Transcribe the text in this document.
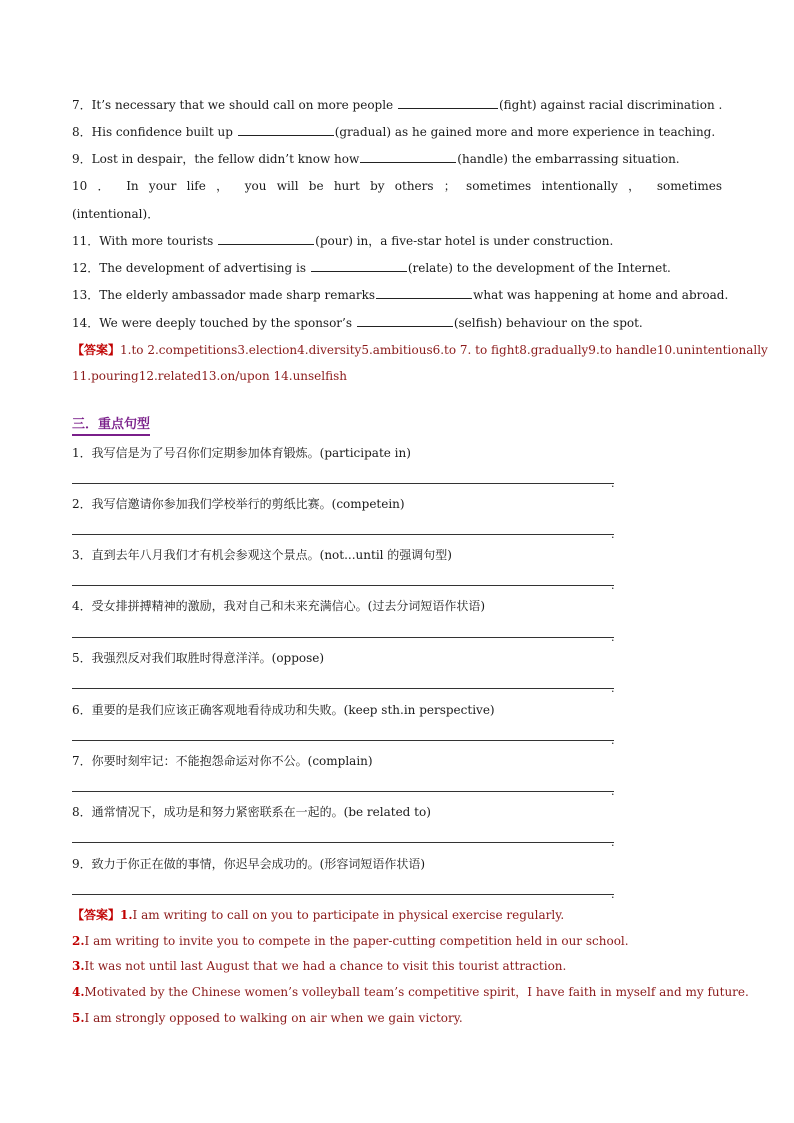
7．It’s necessary that we should call on more people	(fight) against racial discrimination .
8．His confidence built up	(gradual) as he gained more and more experience in teaching.
9．Lost in despair，the fellow didn’t know how	(handle) the embarrassing situation.
10 ． In your life ， you will be hurt by others ； sometimes intentionally ， sometimes
(intentional)．
11．With more tourists	(pour) in，a five-star hotel is under construction.
12．The development of advertising is	(relate) to the development of the Internet.
13．The elderly ambassador made sharp remarks	what was happening at home and abroad.
14．We were deeply touched by the sponsor’s	(selfish) behaviour on the spot.
【答案】1.to 2.competitions3.election4.diversity5.ambitious6.to 7. to fight8.gradually9.to handle10.unintentionally
11.pouring12.related13.on/upon 14.unselfish
三．重点句型
1．我写信是为了号召你们定期参加体育锻炼。(participate in)
.
2．我写信邀请你参加我们学校举行的剪纸比赛。(competein)
.
3．直到去年八月我们才有机会参观这个景点。(not...until 的强调句型)
.
4．受女排拼搏精神的激励，我对自己和未来充满信心。(过去分词短语作状语)
.
5．我强烈反对我们取胜时得意洋洋。(oppose)
.
6．重要的是我们应该正确客观地看待成功和失败。(keep sth.in perspective)
.
7．你要时刻牢记：不能抱怨命运对你不公。(complain)
.
8．通常情况下，成功是和努力紧密联系在一起的。(be related to)
.
9．致力于你正在做的事情，你迟早会成功的。(形容词短语作状语)
.
【答案】1.I am writing to call on you to participate in physical exercise regularly.
2.I am writing to invite you to compete in the paper-cutting competition held in our school.
3.It was not until last August that we had a chance to visit this tourist attraction.
4.Motivated by the Chinese women’s volleyball team’s competitive spirit，I have faith in myself and my future.
5.I am strongly opposed to walking on air when we gain victory.
